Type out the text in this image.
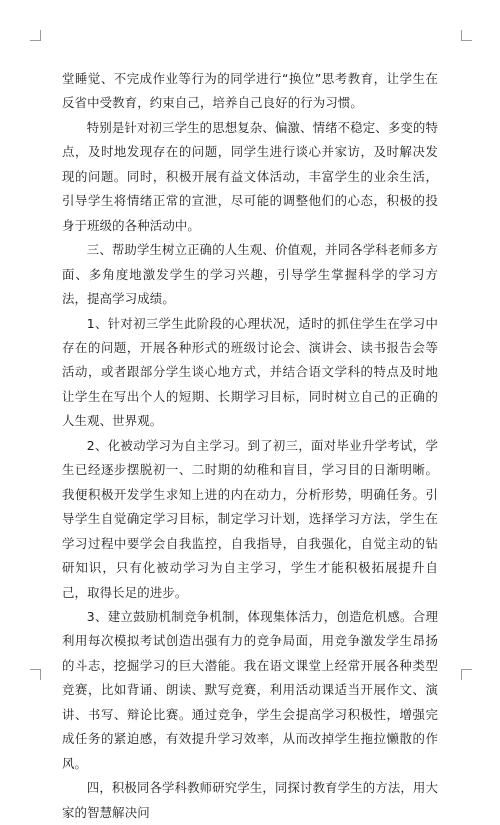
堂睡觉、不完成作业等行为的同学进行“换位”思考教育，让学生在反省中受教育，约束自己，培养自己良好的行为习惯。

特别是针对初三学生的思想复杂、偏激、情绪不稳定、多变的特点，及时地发现存在的问题，同学生进行谈心并家访，及时解决发现的问题。同时，积极开展有益文体活动，丰富学生的业余生活，引导学生将情绪正常的宣泄，尽可能的调整他们的心态，积极的投身于班级的各种活动中。

三、帮助学生树立正确的人生观、价值观，并同各学科老师多方面、多角度地激发学生的学习兴趣，引导学生掌握科学的学习方法，提高学习成绩。

1、针对初三学生此阶段的心理状况，适时的抓住学生在学习中存在的问题，开展各种形式的班级讨论会、演讲会、读书报告会等活动，或者跟部分学生谈心地方式，并结合语文学科的特点及时地让学生在写出个人的短期、长期学习目标，同时树立自己的正确的人生观、世界观。

2、化被动学习为自主学习。到了初三，面对毕业升学考试，学生已经逐步摆脱初一、二时期的幼稚和盲目，学习目的日渐明晰。我便积极开发学生求知上进的内在动力，分析形势，明确任务。引导学生自觉确定学习目标，制定学习计划，选择学习方法，学生在学习过程中要学会自我监控，自我指导，自我强化，自觉主动的钻研知识，只有化被动学习为自主学习，学生才能积极拓展提升自己，取得长足的进步。

3、建立鼓励机制竞争机制，体现集体活力，创造危机感。合理利用每次模拟考试创造出强有力的竞争局面，用竞争激发学生昂扬的斗志，挖掘学习的巨大潜能。我在语文课堂上经常开展各种类型竞赛，比如背诵、朗读、默写竞赛，利用活动课适当开展作文、演讲、书写、辩论比赛。通过竞争，学生会提高学习积极性，增强完成任务的紧迫感，有效提升学习效率，从而改掉学生拖拉懒散的作风。

四，积极同各学科教师研究学生，同探讨教育学生的方法，用大家的智慧解决问
